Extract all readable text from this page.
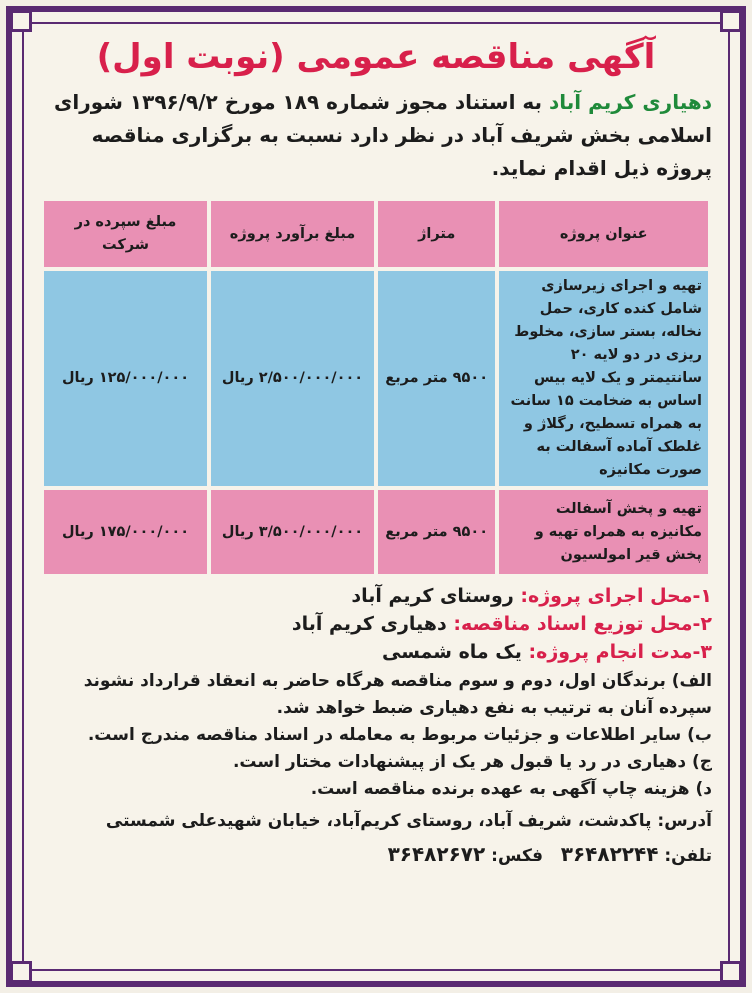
آگهی مناقصه عمومی (نوبت اول)

دهیاری کریم آباد به استناد مجوز شماره ۱۸۹ مورخ ۱۳۹۶/۹/۲ شورای اسلامی بخش شریف آباد در نظر دارد نسبت به برگزاری مناقصه پروژه ذیل اقدام نماید.

عنوان پروژه	متراژ	مبلغ برآورد پروژه	مبلغ سپرده در شرکت
تهیه و اجرای زیرسازی شامل کنده کاری، حمل نخاله، بستر سازی، مخلوط ریزی در دو لایه ۲۰ سانتیمتر و یک لایه بیس اساس به ضخامت ۱۵ سانت به همراه تسطیح، رگلاژ و غلطک آماده آسفالت به صورت مکانیزه	۹۵۰۰ متر مربع	۲/۵۰۰/۰۰۰/۰۰۰ ریال	۱۲۵/۰۰۰/۰۰۰ ریال
تهیه و پخش آسفالت مکانیزه به همراه تهیه و پخش قیر امولسیون	۹۵۰۰ متر مربع	۳/۵۰۰/۰۰۰/۰۰۰ ریال	۱۷۵/۰۰۰/۰۰۰ ریال
۱-محل اجرای پروژه: روستای کریم آباد
۲-محل توزیع اسناد مناقصه: دهیاری کریم آباد
۳-مدت انجام پروژه: یک ماه شمسی

الف) برندگان اول، دوم و سوم مناقصه هرگاه حاضر به انعقاد قرارداد نشوند سپرده آنان به ترتیب به نفع دهیاری ضبط خواهد شد.

ب) سایر اطلاعات و جزئیات مربوط به معامله در اسناد مناقصه مندرج است.

ج) دهیاری در رد یا قبول هر یک از پیشنهادات مختار است.

د) هزینه چاپ آگهی به عهده برنده مناقصه است.

آدرس: پاکدشت، شریف آباد، روستای کریم‌آباد، خیابان شهیدعلی شمستی
تلفن: ۳۶۴۸۲۲۴۴   فکس: ۳۶۴۸۲۶۷۲
